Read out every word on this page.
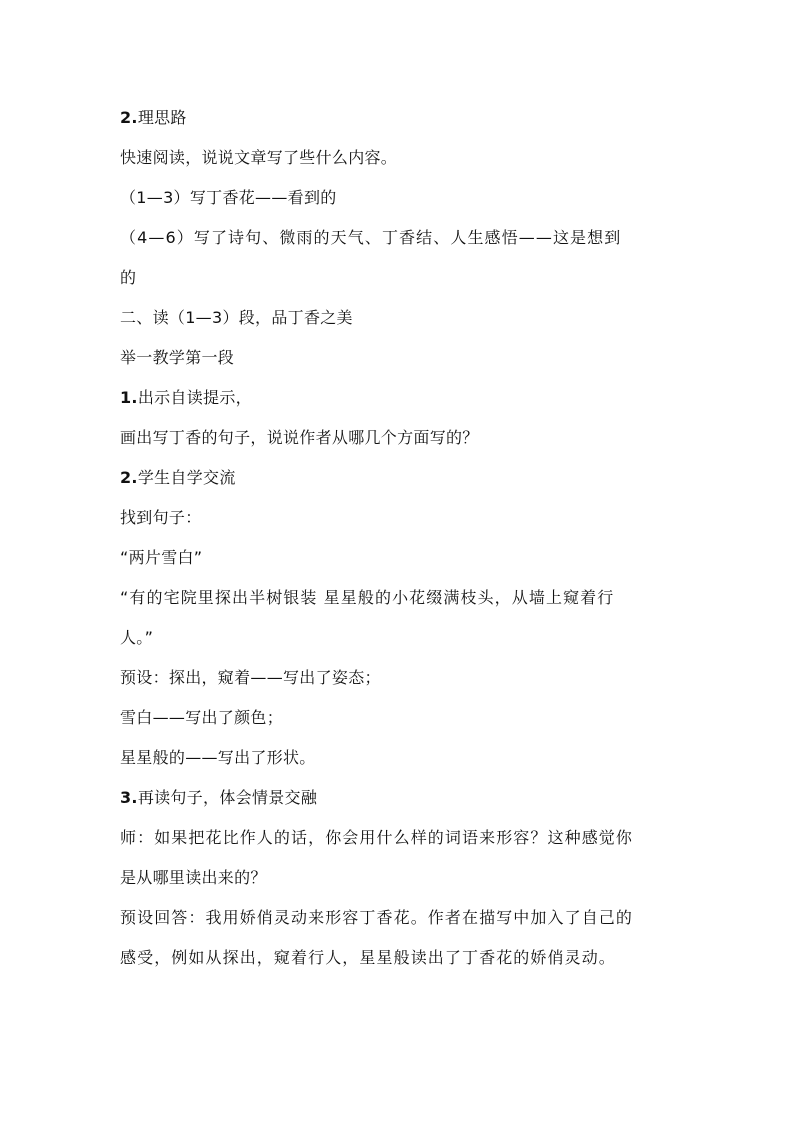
2.理思路
快速阅读，说说文章写了些什么内容。
（1—3）写丁香花——看到的
（4—6）写了诗句、微雨的天气、丁香结、人生感悟——这是想到
的
二、读（1—3）段，品丁香之美
举一教学第一段
1.出示自读提示，
画出写丁香的句子，说说作者从哪几个方面写的？
2.学生自学交流
找到句子：
“两片雪白”
“有的宅院里探出半树银装 星星般的小花缀满枝头，从墙上窥着行
人。”
预设：探出，窥着——写出了姿态；
雪白——写出了颜色；
星星般的——写出了形状。
3.再读句子，体会情景交融
师：如果把花比作人的话，你会用什么样的词语来形容？这种感觉你
是从哪里读出来的？
预设回答：我用娇俏灵动来形容丁香花。作者在描写中加入了自己的
感受，例如从探出，窥着行人，星星般读出了丁香花的娇俏灵动。
